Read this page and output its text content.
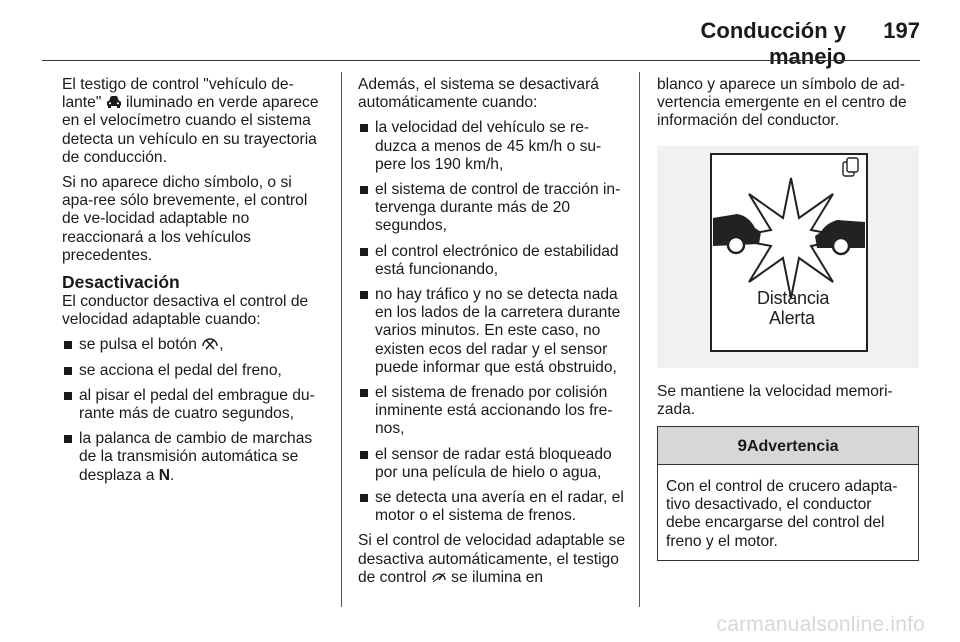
Conducción y manejo
197

El testigo de control "vehículo de-lante" iluminado en verde aparece en el velocímetro cuando el sistema detecta un vehículo en su trayectoria de conducción.

Si no aparece dicho símbolo, o si apa-ree sólo brevemente, el control de ve-locidad adaptable no reaccionará a los vehículos precedentes.

Desactivación

El conductor desactiva el control de velocidad adaptable cuando:

se pulsa el botón ,
se acciona el pedal del freno,
al pisar el pedal del embrague du-rante más de cuatro segundos,
la palanca de cambio de marchas de la transmisión automática se desplaza a N.

Además, el sistema se desactivará automáticamente cuando:

la velocidad del vehículo se re-duzca a menos de 45 km/h o su-pere los 190 km/h,
el sistema de control de tracción in-tervenga durante más de 20 segundos,
el control electrónico de estabilidad está funcionando,
no hay tráfico y no se detecta nada en los lados de la carretera durante varios minutos. En este caso, no existen ecos del radar y el sensor puede informar que está obstruido,
el sistema de frenado por colisión inminente está accionando los fre-nos,
el sensor de radar está bloqueado por una película de hielo o agua,
se detecta una avería en el radar, el motor o el sistema de frenos.

Si el control de velocidad adaptable se desactiva automáticamente, el testigo de control se ilumina en

blanco y aparece un símbolo de ad-vertencia emergente en el centro de información del conductor.

Distancia
Alerta

Se mantiene la velocidad memori-zada.

9Advertencia
Con el control de crucero adapta-tivo desactivado, el conductor debe encargarse del control del freno y el motor.
carmanualsonline.info
